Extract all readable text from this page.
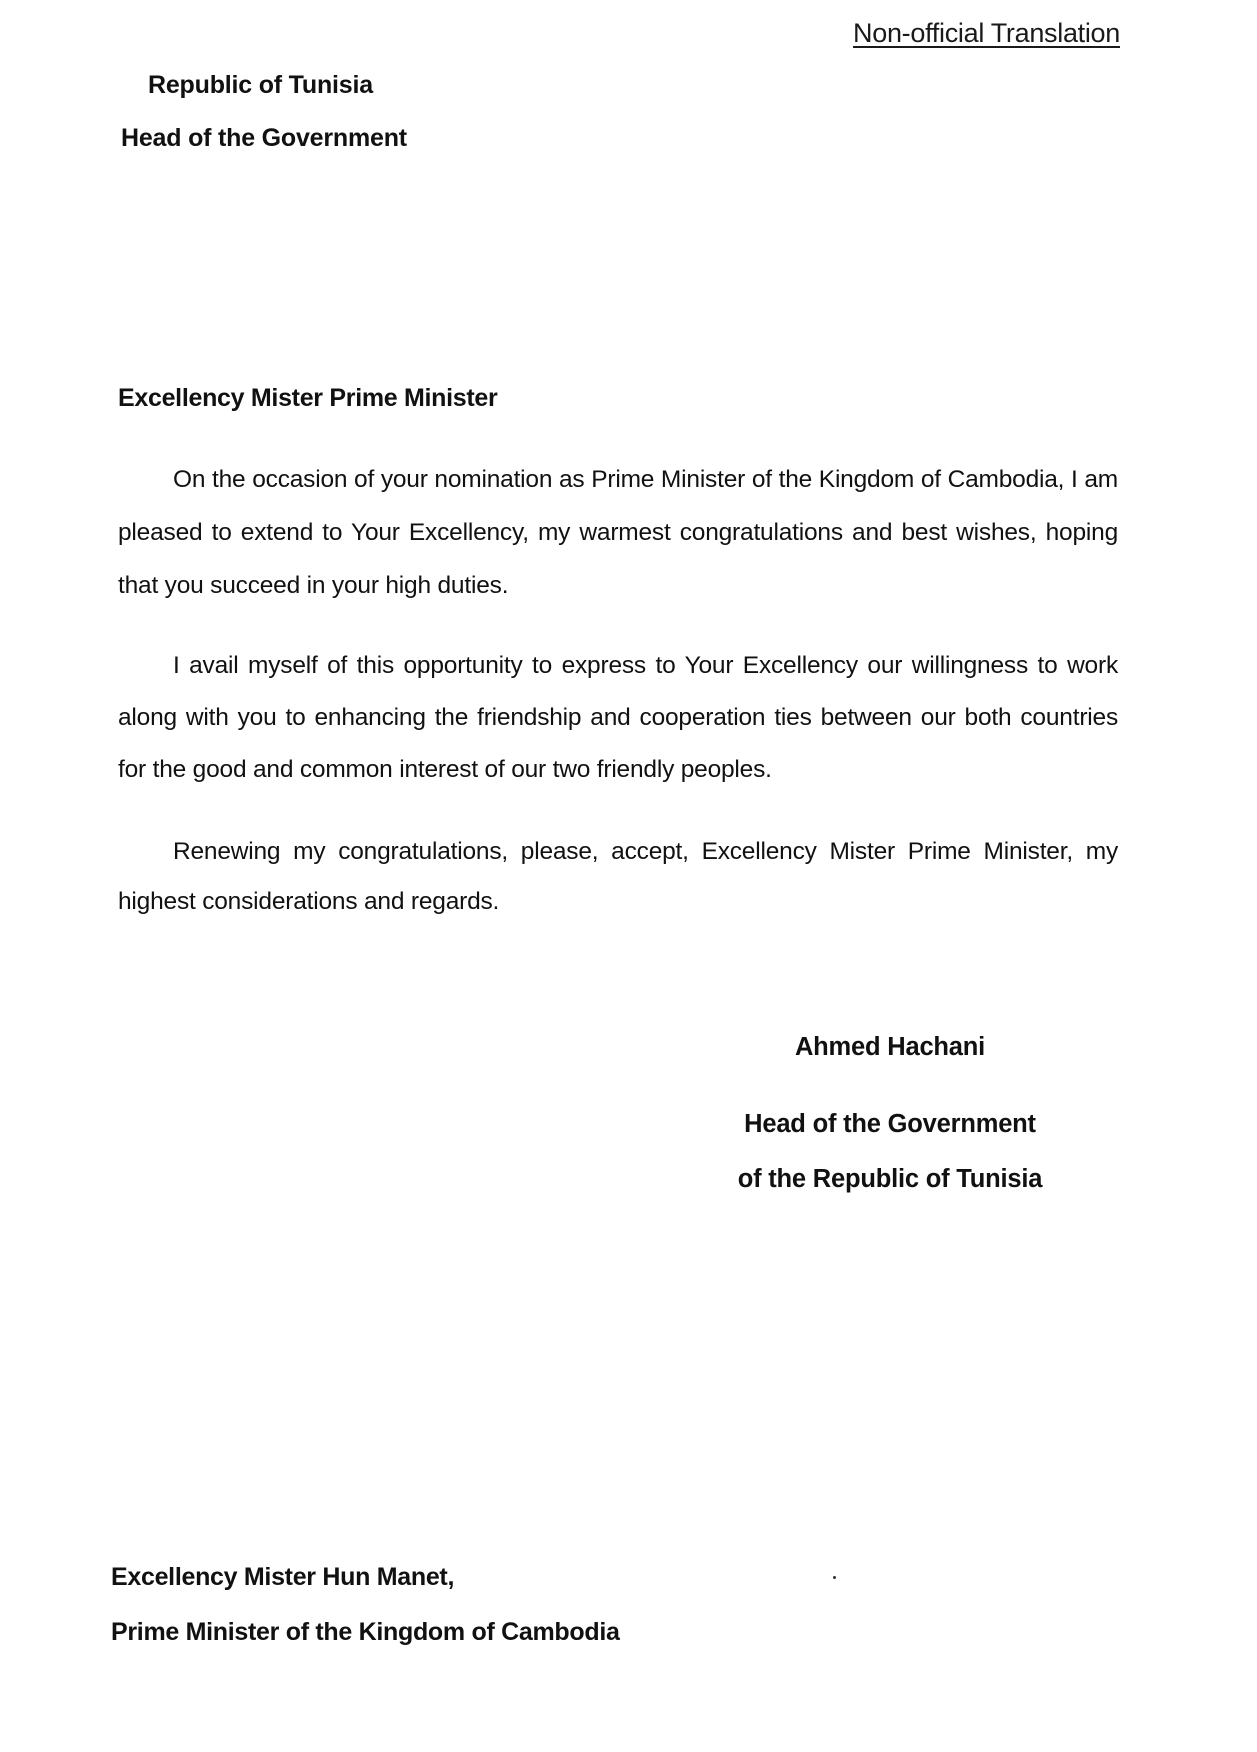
Non-official Translation
Republic of Tunisia
Head of the Government
Excellency Mister Prime Minister
On the occasion of your nomination as Prime Minister of the Kingdom of Cambodia, I am pleased to extend to Your Excellency, my warmest congratulations and best wishes, hoping that you succeed in your high duties.
I avail myself of this opportunity to express to Your Excellency our willingness to work along with you to enhancing the friendship and cooperation ties between our both countries for the good and common interest of our two friendly peoples.
Renewing my congratulations, please, accept, Excellency Mister Prime Minister, my highest considerations and regards.
Ahmed Hachani
Head of the Government
of the Republic of Tunisia
Excellency Mister Hun Manet,
Prime Minister of the Kingdom of Cambodia
